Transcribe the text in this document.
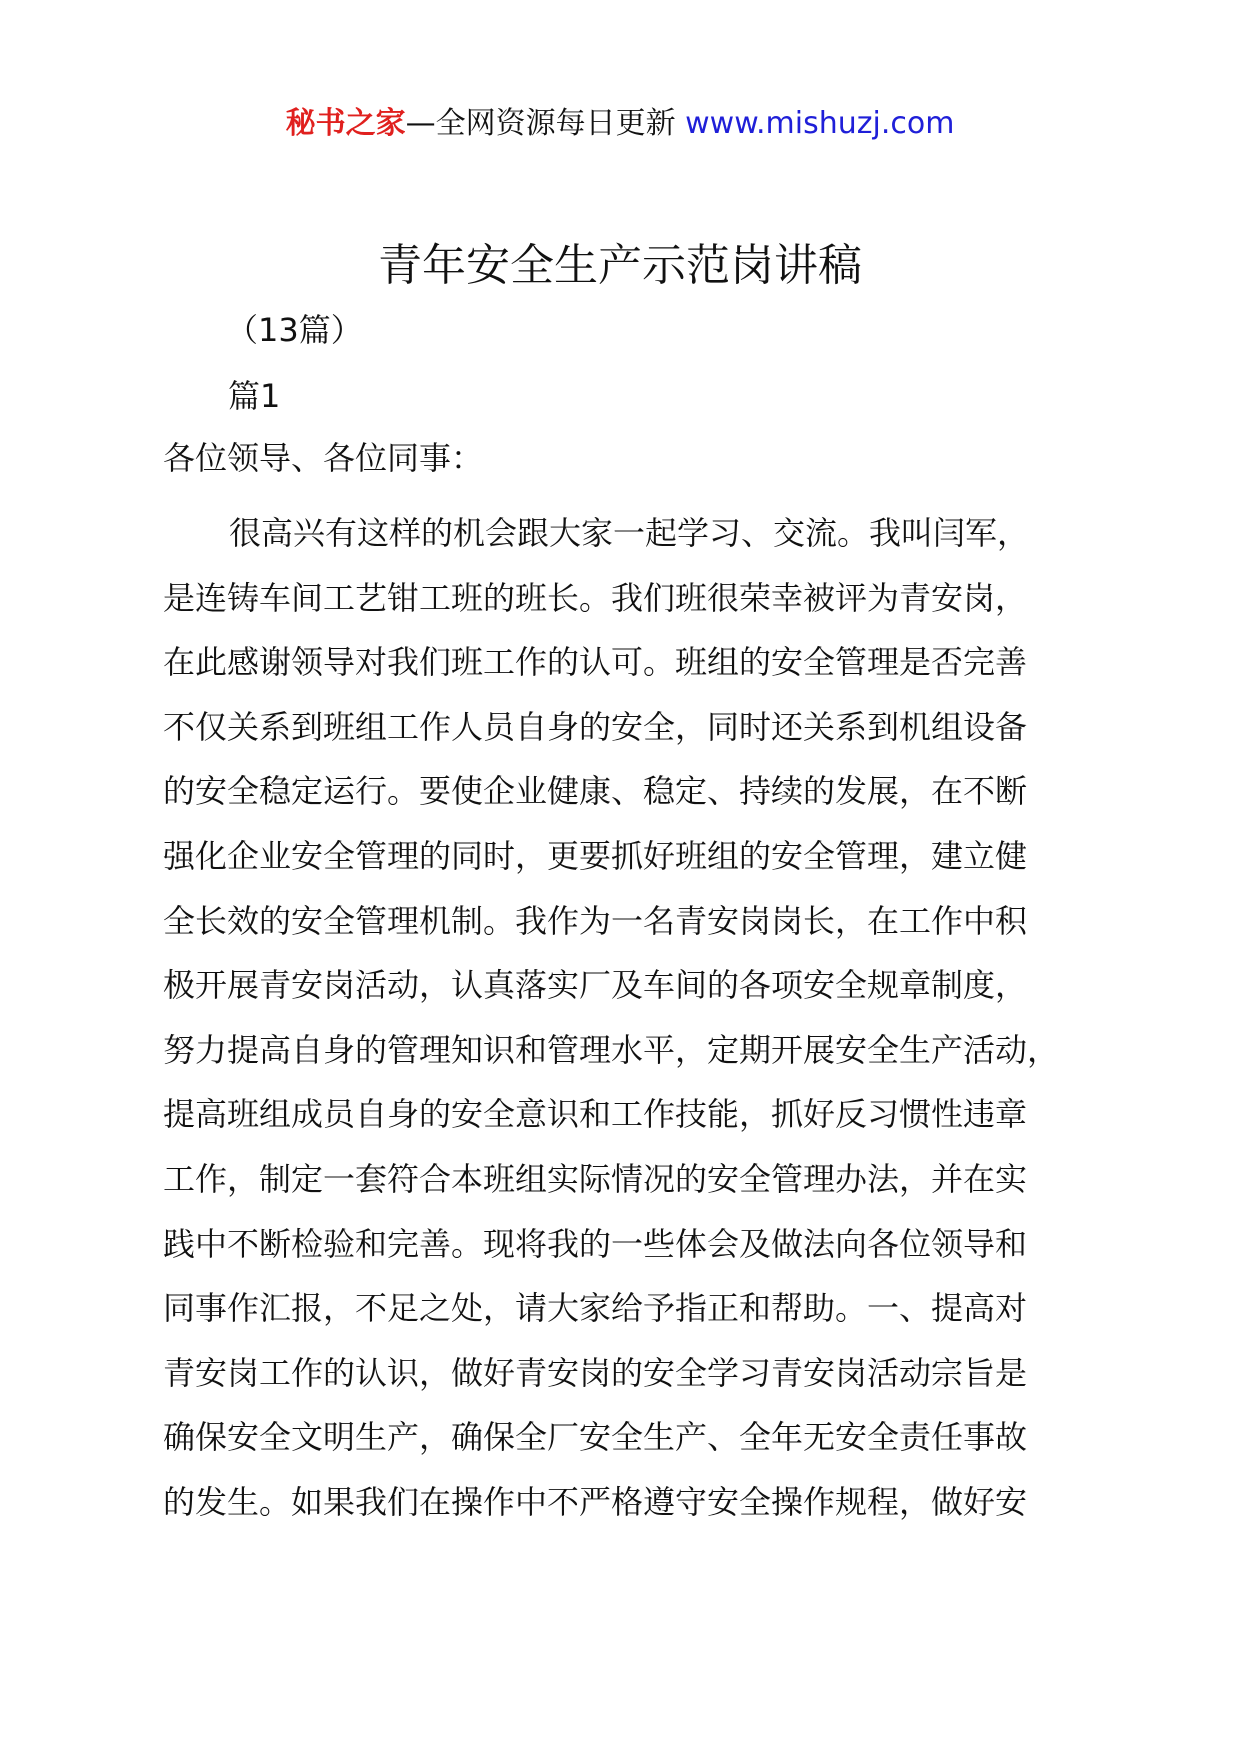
秘书之家—全网资源每日更新 www.mishuzj.com
青年安全生产示范岗讲稿
（13篇）
篇1
各位领导、各位同事：
很高兴有这样的机会跟大家一起学习、交流。我叫闫军，
是连铸车间工艺钳工班的班长。我们班很荣幸被评为青安岗，
在此感谢领导对我们班工作的认可。班组的安全管理是否完善
不仅关系到班组工作人员自身的安全，同时还关系到机组设备
的安全稳定运行。要使企业健康、稳定、持续的发展，在不断
强化企业安全管理的同时，更要抓好班组的安全管理，建立健
全长效的安全管理机制。我作为一名青安岗岗长，在工作中积
极开展青安岗活动，认真落实厂及车间的各项安全规章制度，
努力提高自身的管理知识和管理水平，定期开展安全生产活动，
提高班组成员自身的安全意识和工作技能，抓好反习惯性违章
工作，制定一套符合本班组实际情况的安全管理办法，并在实
践中不断检验和完善。现将我的一些体会及做法向各位领导和
同事作汇报，不足之处，请大家给予指正和帮助。一、提高对
青安岗工作的认识，做好青安岗的安全学习青安岗活动宗旨是
确保安全文明生产，确保全厂安全生产、全年无安全责任事故
的发生。如果我们在操作中不严格遵守安全操作规程，做好安
